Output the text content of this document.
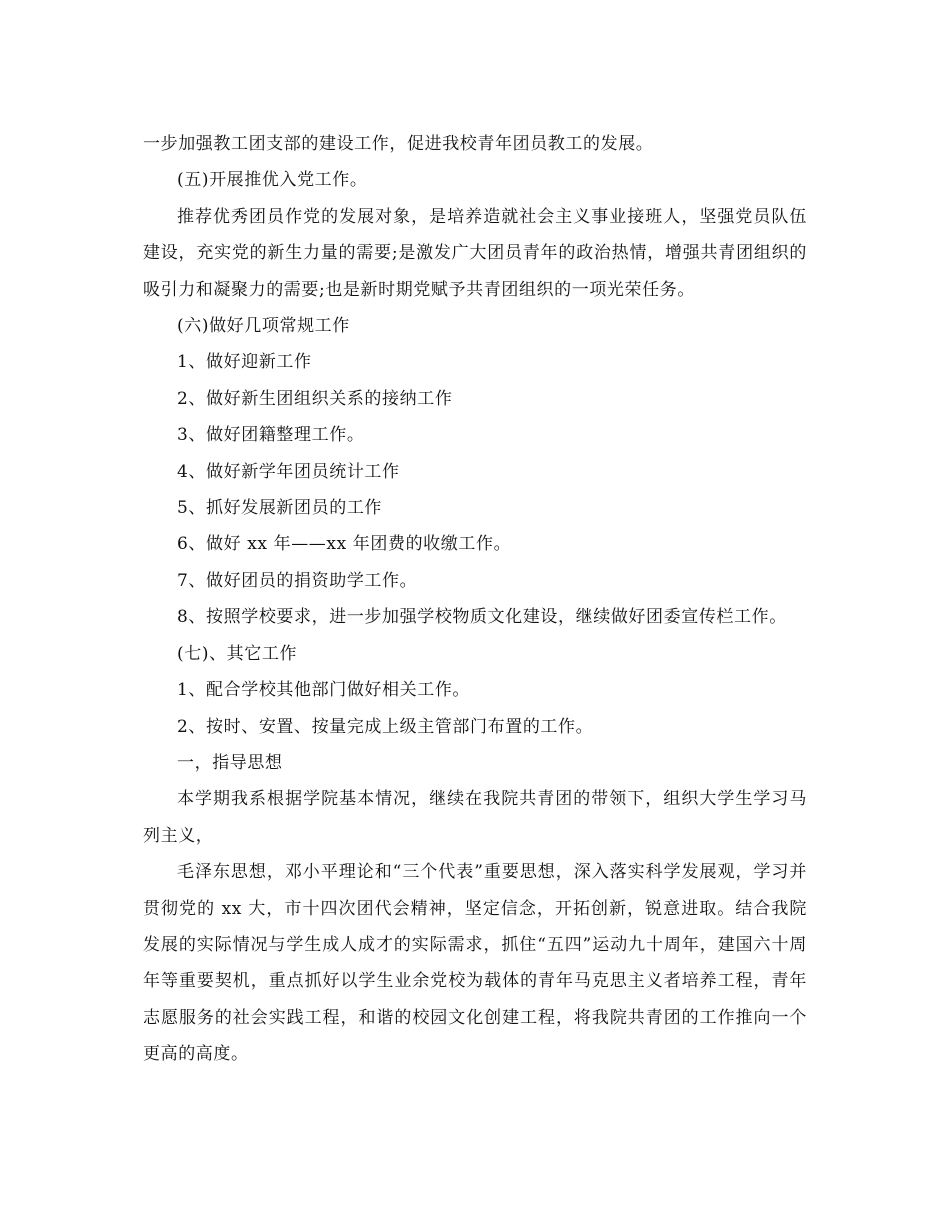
一步加强教工团支部的建设工作，促进我校青年团员教工的发展。

(五)开展推优入党工作。

推荐优秀团员作党的发展对象，是培养造就社会主义事业接班人，坚强党员队伍建设，充实党的新生力量的需要;是激发广大团员青年的政治热情，增强共青团组织的吸引力和凝聚力的需要;也是新时期党赋予共青团组织的一项光荣任务。

(六)做好几项常规工作

1、做好迎新工作

2、做好新生团组织关系的接纳工作

3、做好团籍整理工作。

4、做好新学年团员统计工作

5、抓好发展新团员的工作

6、做好 xx 年——xx 年团费的收缴工作。

7、做好团员的捐资助学工作。

8、按照学校要求，进一步加强学校物质文化建设，继续做好团委宣传栏工作。

(七)、其它工作

1、配合学校其他部门做好相关工作。

2、按时、安置、按量完成上级主管部门布置的工作。

一，指导思想

本学期我系根据学院基本情况，继续在我院共青团的带领下，组织大学生学习马列主义，

毛泽东思想，邓小平理论和“三个代表”重要思想，深入落实科学发展观，学习并贯彻党的 xx 大，市十四次团代会精神，坚定信念，开拓创新，锐意进取。结合我院发展的实际情况与学生成人成才的实际需求，抓住“五四”运动九十周年，建国六十周年等重要契机，重点抓好以学生业余党校为载体的青年马克思主义者培养工程，青年志愿服务的社会实践工程，和谐的校园文化创建工程，将我院共青团的工作推向一个更高的高度。
